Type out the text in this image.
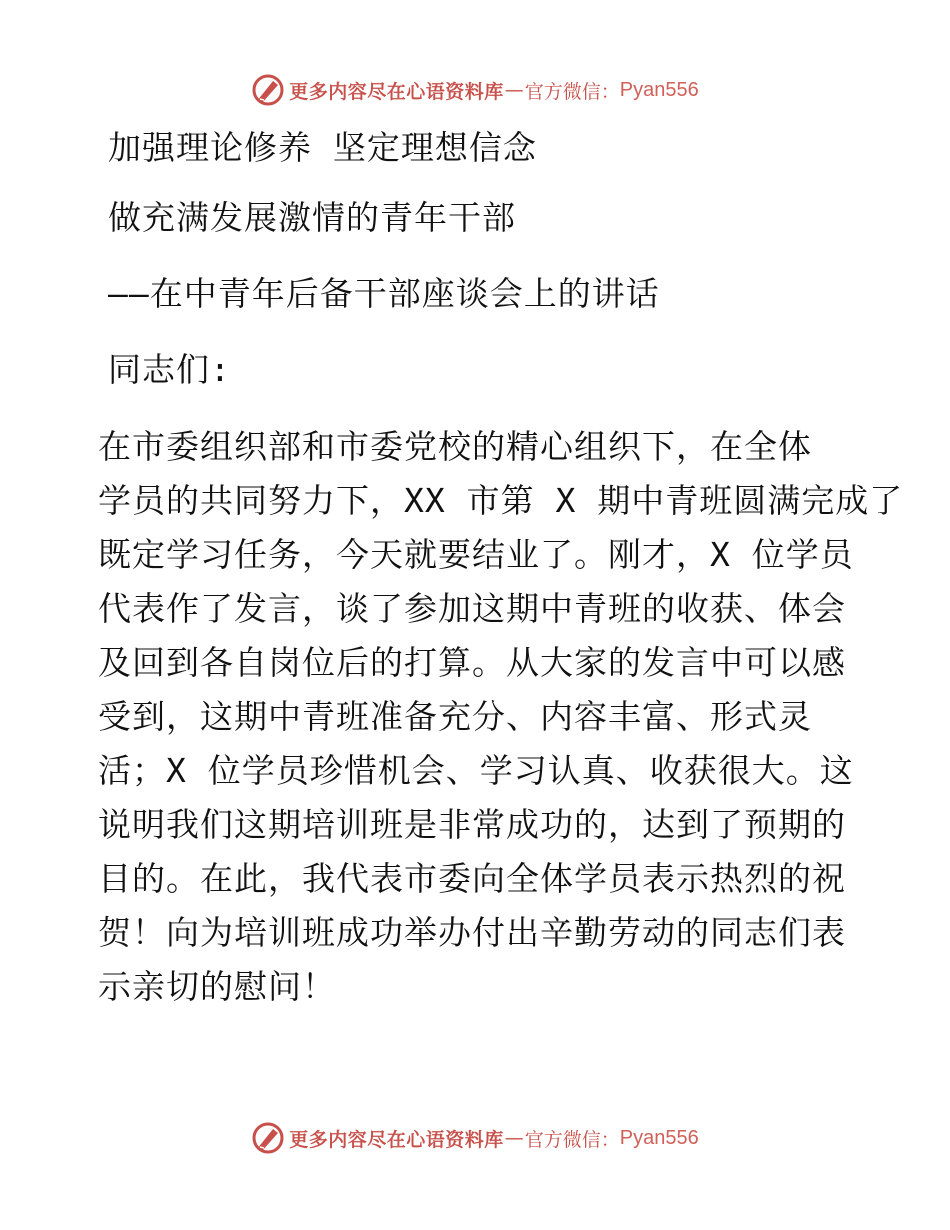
更多内容尽在心语资料库 — 官方微信： Pyan556
加强理论修养 坚定理想信念
做充满发展激情的青年干部
——在中青年后备干部座谈会上的讲话
同志们:
在市委组织部和市委党校的精心组织下，在全体
学员的共同努力下，XX 市第 X 期中青班圆满完成了
既定学习任务，今天就要结业了。刚才，X 位学员
代表作了发言，谈了参加这期中青班的收获、体会
及回到各自岗位后的打算。从大家的发言中可以感
受到，这期中青班准备充分、内容丰富、形式灵
活；X 位学员珍惜机会、学习认真、收获很大。这
说明我们这期培训班是非常成功的，达到了预期的
目的。在此，我代表市委向全体学员表示热烈的祝
贺！向为培训班成功举办付出辛勤劳动的同志们表
示亲切的慰问！
更多内容尽在心语资料库 — 官方微信： Pyan556
